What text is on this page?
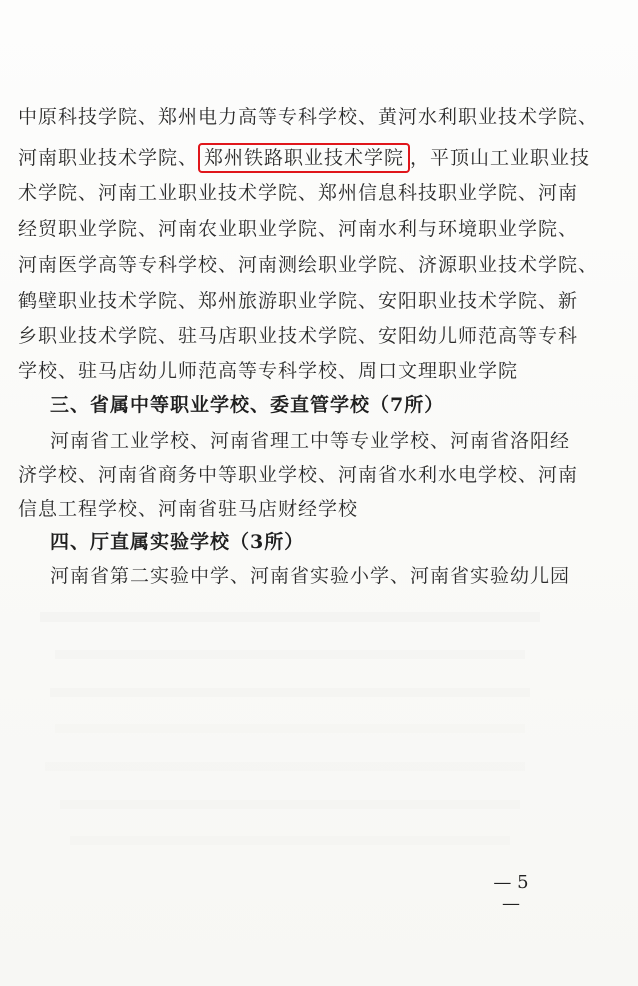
中原科技学院、郑州电力高等专科学校、黄河水利职业技术学院、
河南职业技术学院、 郑州铁路职业技术学院 ，平顶山工业职业技
术学院、河南工业职业技术学院、郑州信息科技职业学院、河南
经贸职业学院、河南农业职业学院、河南水利与环境职业学院、
河南医学高等专科学校、河南测绘职业学院、济源职业技术学院、
鹤壁职业技术学院、郑州旅游职业学院、安阳职业技术学院、新
乡职业技术学院、驻马店职业技术学院、安阳幼儿师范高等专科
学校、驻马店幼儿师范高等专科学校、周口文理职业学院
三、省属中等职业学校、委直管学校（7所）
河南省工业学校、河南省理工中等专业学校、河南省洛阳经
济学校、河南省商务中等职业学校、河南省水利水电学校、河南
信息工程学校、河南省驻马店财经学校
四、厅直属实验学校（3所）
河南省第二实验中学、河南省实验小学、河南省实验幼儿园
— 5 —
